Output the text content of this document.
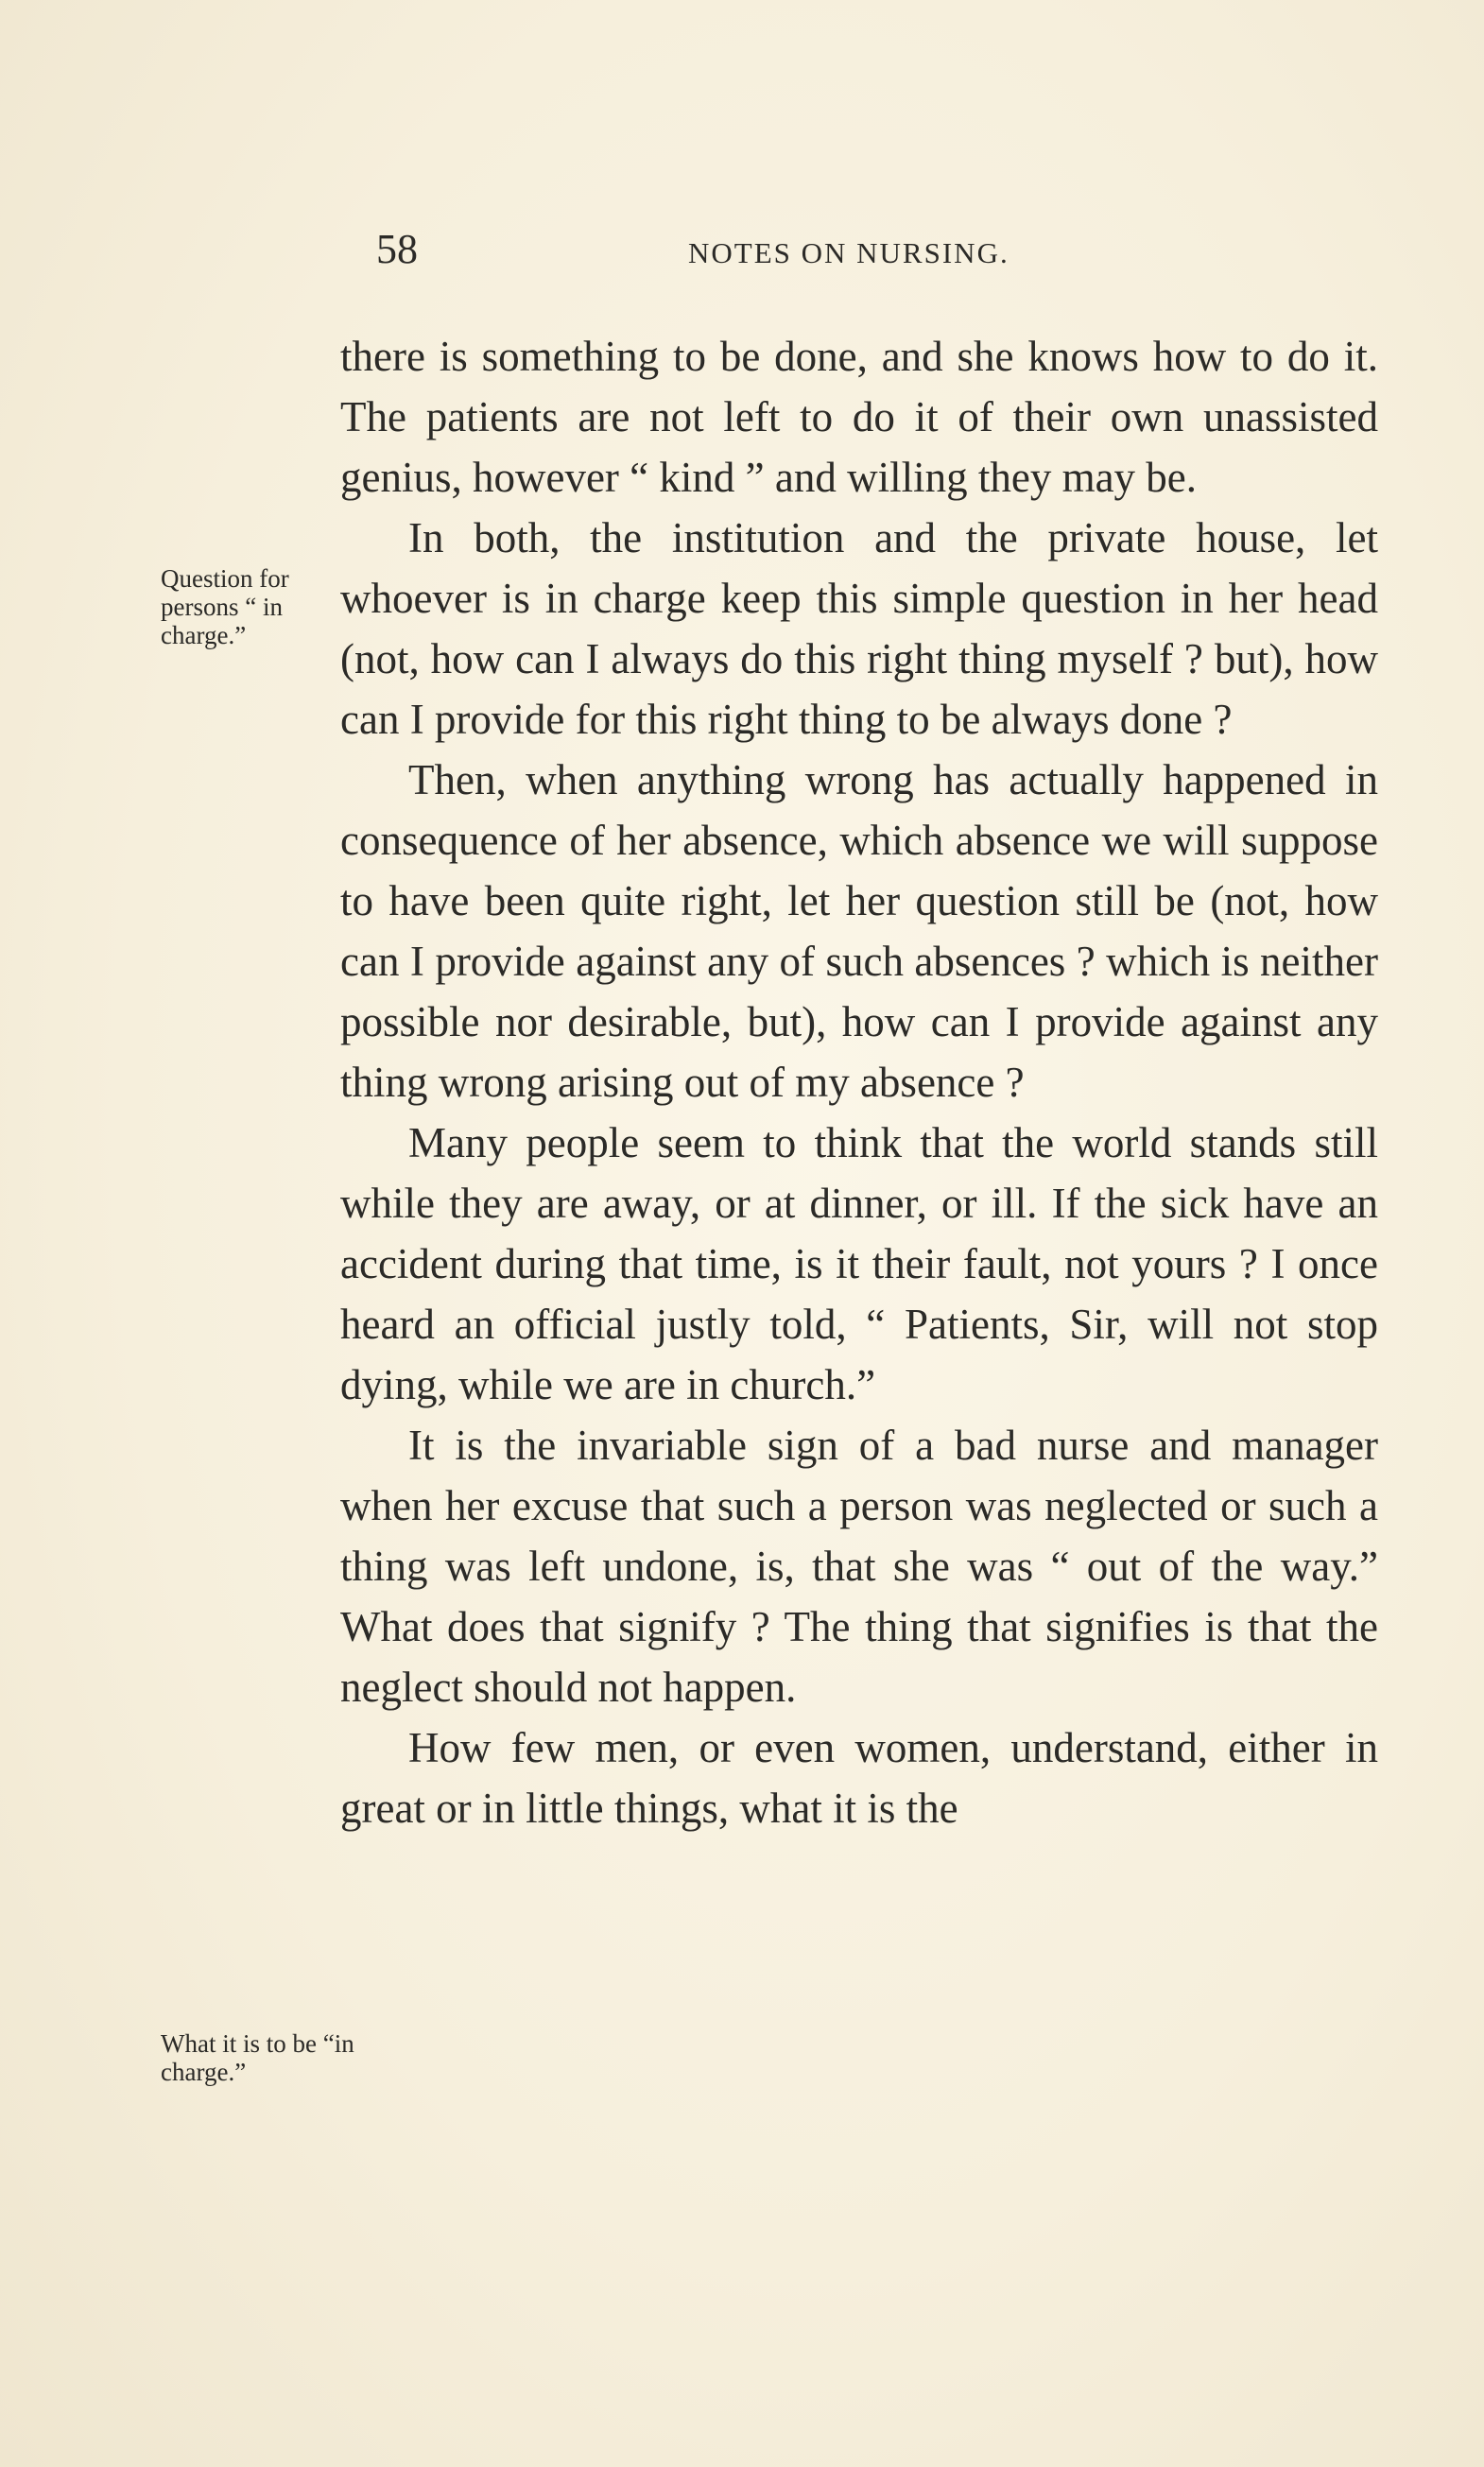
58	NOTES ON NURSING.
Question for persons “ in charge.”
What it is to be “in charge.”

there is something to be done, and she knows how to do it. The patients are not left to do it of their own unassisted genius, however “ kind ” and willing they may be.

In both, the institution and the private house, let whoever is in charge keep this simple question in her head (not, how can I always do this right thing myself ? but), how can I provide for this right thing to be always done ?

Then, when anything wrong has actually happened in consequence of her absence, which absence we will suppose to have been quite right, let her question still be (not, how can I provide against any of such absences ? which is neither possible nor desirable, but), how can I provide against any thing wrong arising out of my absence ?

Many people seem to think that the world stands still while they are away, or at dinner, or ill. If the sick have an accident during that time, is it their fault, not yours ? I once heard an official justly told, “ Patients, Sir, will not stop dying, while we are in church.”

It is the invariable sign of a bad nurse and manager when her excuse that such a person was neglected or such a thing was left undone, is, that she was “ out of the way.” What does that signify ? The thing that signifies is that the neglect should not happen.

How few men, or even women, understand, either in great or in little things, what it is the
